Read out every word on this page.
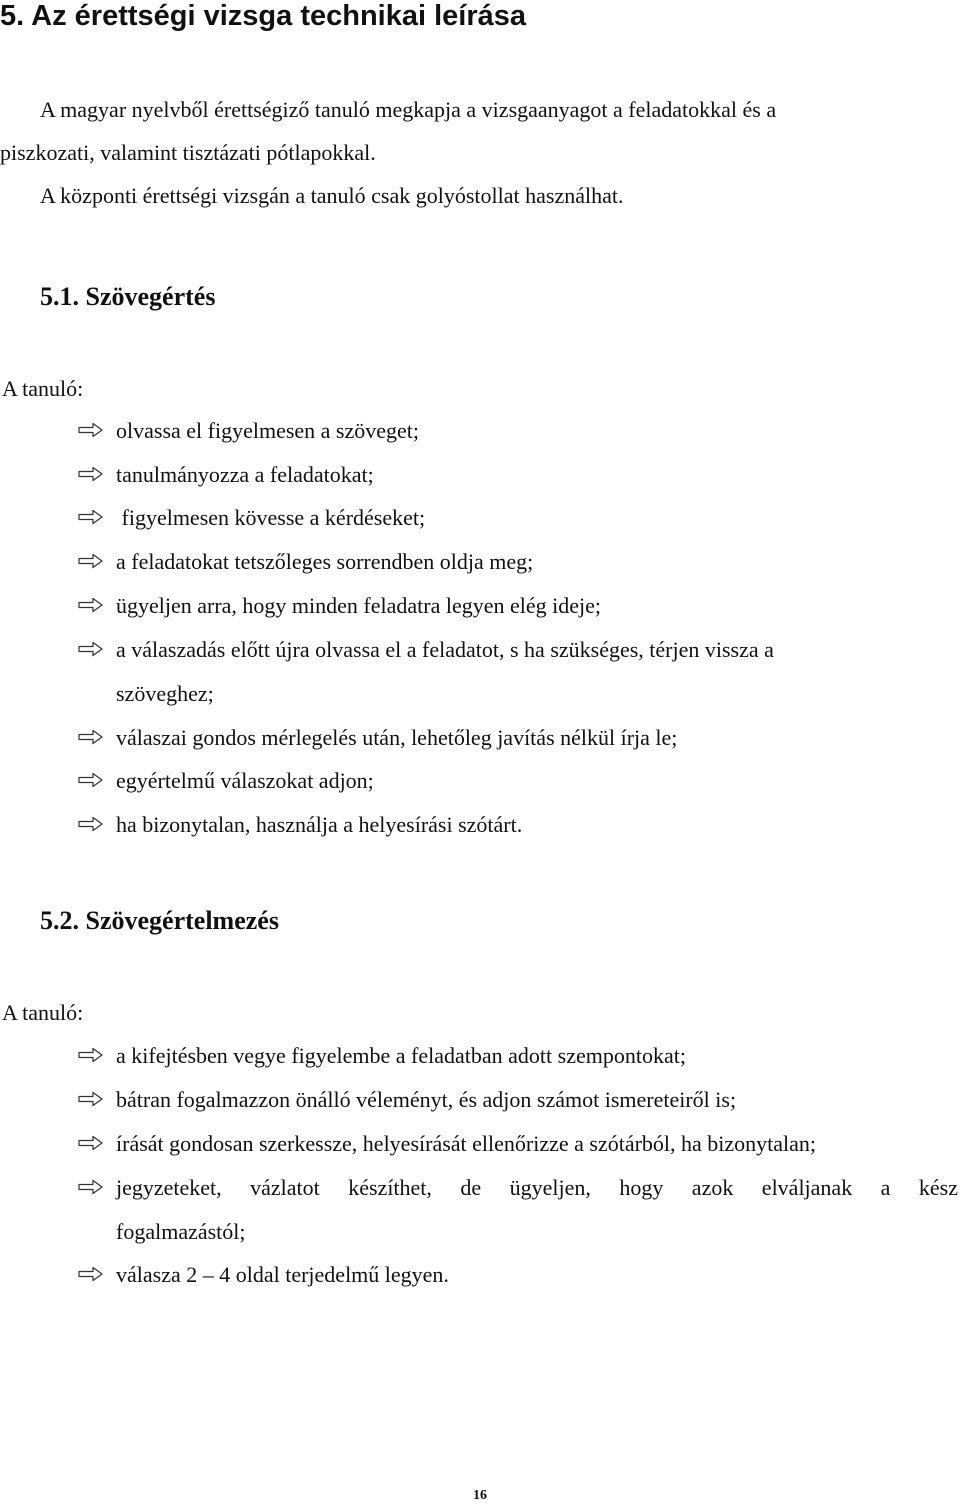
5. Az érettségi vizsga technikai leírása

A magyar nyelvből érettségiző tanuló megkapja a vizsgaanyagot a feladatokkal és a

piszkozati, valamint tisztázati pótlapokkal.

A központi érettségi vizsgán a tanuló csak golyóstollat használhat.

5.1. Szövegértés

A tanuló:

olvassa el figyelmesen a szöveget;

tanulmányozza a feladatokat;

figyelmesen kövesse a kérdéseket;

a feladatokat tetszőleges sorrendben oldja meg;

ügyeljen arra, hogy minden feladatra legyen elég ideje;

a válaszadás előtt újra olvassa el a feladatot, s ha szükséges, térjen vissza a

szöveghez;

válaszai gondos mérlegelés után, lehetőleg javítás nélkül írja le;

egyértelmű válaszokat adjon;

ha bizonytalan, használja a helyesírási szótárt.

5.2. Szövegértelmezés

A tanuló:

a kifejtésben vegye figyelembe a feladatban adott szempontokat;

bátran fogalmazzon önálló véleményt, és adjon számot ismereteiről is;

írását gondosan szerkessze, helyesírását ellenőrizze a szótárból, ha bizonytalan;

jegyzeteket, vázlatot készíthet, de ügyeljen, hogy azok elváljanak a kész

fogalmazástól;

válasza 2 – 4 oldal terjedelmű legyen.

16
